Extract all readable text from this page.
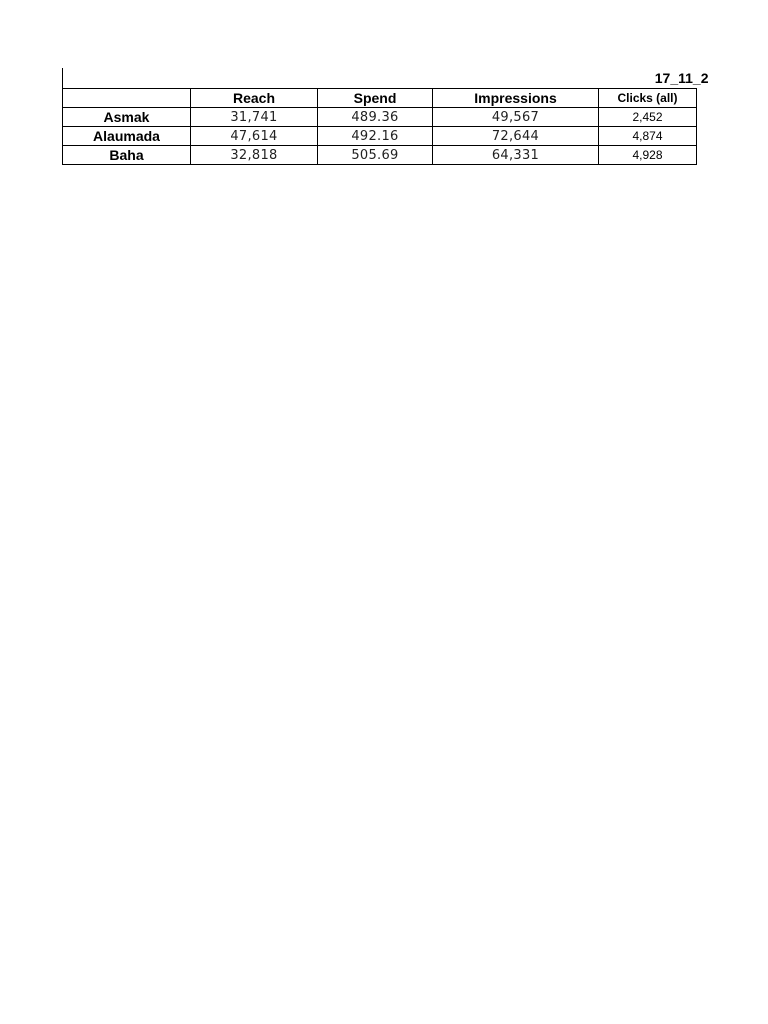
				17_11_2
	Reach	Spend	Impressions	Clicks (all)
Asmak	31,741	489.36	49,567	2,452
Alaumada	47,614	492.16	72,644	4,874
Baha	32,818	505.69	64,331	4,928
